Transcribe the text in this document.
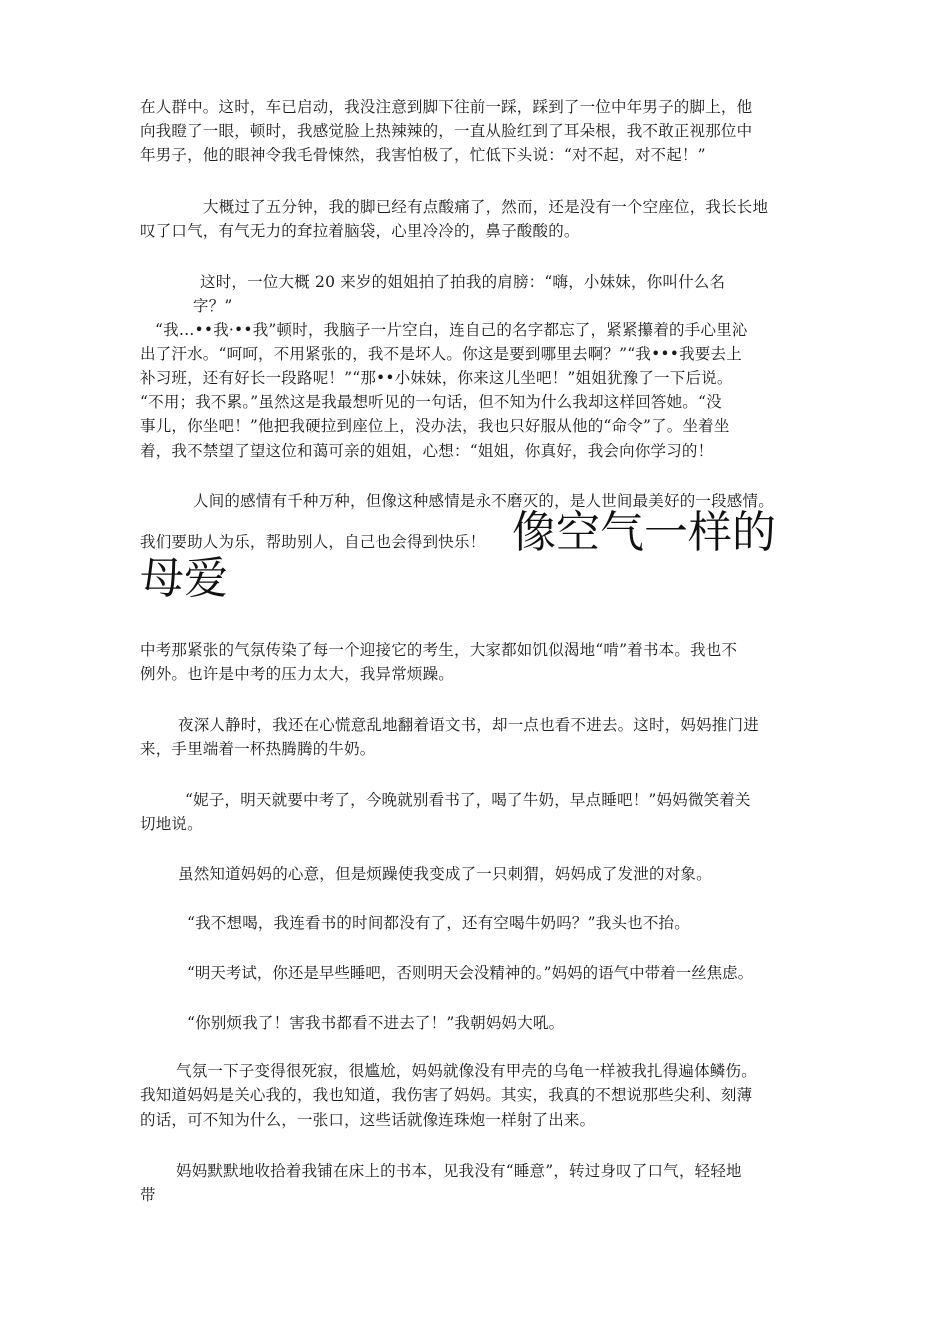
在人群中。这时，车已启动，我没注意到脚下往前一踩，踩到了一位中年男子的脚上，他
向我瞪了一眼，顿时，我感觉脸上热辣辣的，一直从脸红到了耳朵根，我不敢正视那位中
年男子，他的眼神令我毛骨悚然，我害怕极了，忙低下头说：“对不起，对不起！”
大概过了五分钟，我的脚已经有点酸痛了，然而，还是没有一个空座位，我长长地
叹了口气，有气无力的耷拉着脑袋，心里冷冷的，鼻子酸酸的。
这时，一位大概 20 来岁的姐姐拍了拍我的肩膀：“嗨，小妹妹，你叫什么名
字？”
“我…••我·••我”顿时，我脑子一片空白，连自己的名字都忘了，紧紧攥着的手心里沁
出了汗水。“呵呵，不用紧张的，我不是坏人。你这是要到哪里去啊？”“我•••我要去上
补习班，还有好长一段路呢！”“那••小妹妹，你来这儿坐吧！”姐姐犹豫了一下后说。
“不用；我不累。”虽然这是我最想听见的一句话，但不知为什么我却这样回答她。“没
事儿，你坐吧！”他把我硬拉到座位上，没办法，我也只好服从他的“命令”了。坐着坐
着，我不禁望了望这位和蔼可亲的姐姐，心想：“姐姐，你真好，我会向你学习的！
人间的感情有千种万种，但像这种感情是永不磨灭的，是人世间最美好的一段感情。
我们要助人为乐，帮助别人，自己也会得到快乐！ 像空气一样的
母爱
中考那紧张的气氛传染了每一个迎接它的考生，大家都如饥似渴地“啃”着书本。我也不
例外。也许是中考的压力太大，我异常烦躁。
夜深人静时，我还在心慌意乱地翻着语文书，却一点也看不进去。这时，妈妈推门进
来，手里端着一杯热腾腾的牛奶。
“妮子，明天就要中考了，今晚就别看书了，喝了牛奶，早点睡吧！”妈妈微笑着关
切地说。
虽然知道妈妈的心意，但是烦躁使我变成了一只刺猬，妈妈成了发泄的对象。
“我不想喝，我连看书的时间都没有了，还有空喝牛奶吗？”我头也不抬。
“明天考试，你还是早些睡吧，否则明天会没精神的。”妈妈的语气中带着一丝焦虑。
“你别烦我了！害我书都看不进去了！”我朝妈妈大吼。
气氛一下子变得很死寂，很尴尬，妈妈就像没有甲壳的乌龟一样被我扎得遍体鳞伤。
我知道妈妈是关心我的，我也知道，我伤害了妈妈。其实，我真的不想说那些尖利、刻薄
的话，可不知为什么，一张口，这些话就像连珠炮一样射了出来。
妈妈默默地收拾着我铺在床上的书本，见我没有“睡意”，转过身叹了口气，轻轻地
带
